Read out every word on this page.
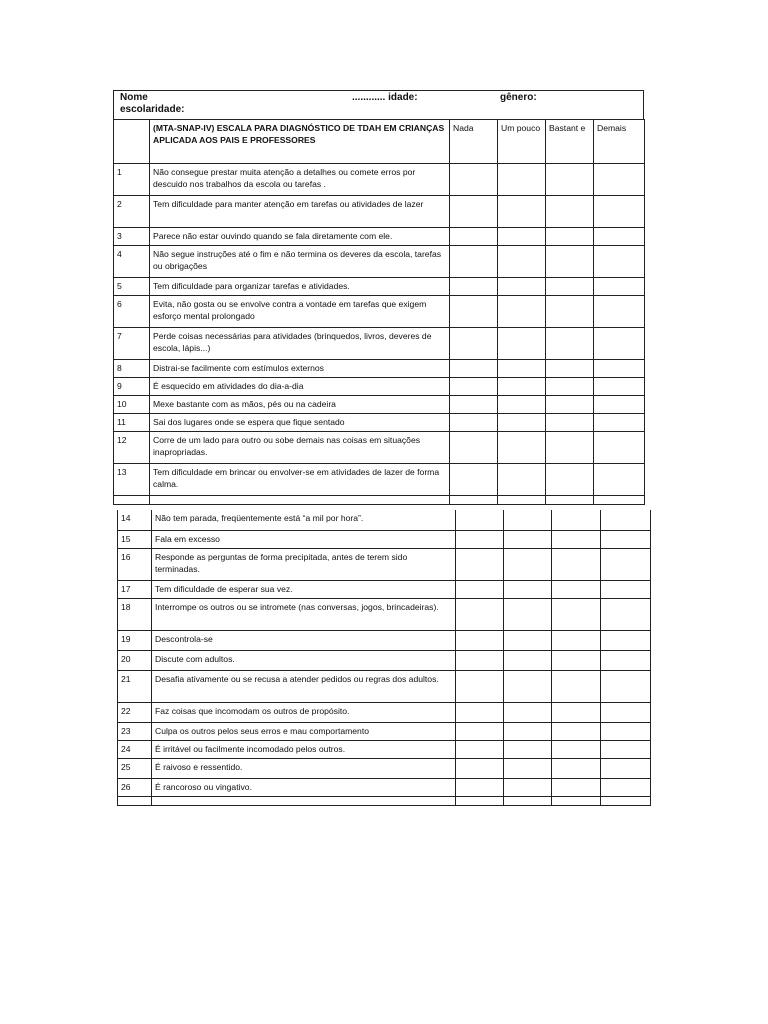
Nome	............ idade:	gênero:
escolaridade:
	(MTA-SNAP-IV) ESCALA PARA DIAGNÓSTICO DE TDAH EM CRIANÇAS APLICADA AOS PAIS E PROFESSORES	Nada	Um pouco	Bastant e	Demais
1	Não consegue prestar muita atenção a detalhes ou comete erros por descuido nos trabalhos da escola ou tarefas .				
2	Tem dificuldade para manter atenção em tarefas ou atividades de lazer				
3	Parece não estar ouvindo quando se fala diretamente com ele.				
4	Não segue instruções até o fim e não termina os deveres da escola, tarefas ou obrigações				
5	Tem dificuldade para organizar tarefas e atividades.				
6	Evita, não gosta ou se envolve contra a vontade em tarefas que exigem esforço mental prolongado				
7	Perde coisas necessárias para atividades (brinquedos, livros, deveres de escola, lápis...)				
8	Distrai-se facilmente com estímulos externos				
9	É esquecido em atividades do dia-a-dia				
10	Mexe bastante com as mãos, pés ou na cadeira				
11	Sai dos lugares onde se espera que fique sentado				
12	Corre de um lado para outro ou sobe demais nas coisas em situações inapropriadas.				
13	Tem dificuldade em brincar ou envolver-se em atividades de lazer de forma calma.				

14	Não tem parada, freqüentemente está “a mil por hora”.				
15	Fala em excesso				
16	Responde as perguntas de forma precipitada, antes de terem sido terminadas.				
17	Tem dificuldade de esperar sua vez.				
18	Interrompe os outros ou se intromete (nas conversas, jogos, brincadeiras).				
19	Descontrola-se				
20	Discute com adultos.				
21	Desafia ativamente ou se recusa a atender pedidos ou regras dos adultos.				
22	Faz coisas que incomodam os outros de propósito.				
23	Culpa os outros pelos seus erros e mau comportamento				
24	É irritável ou facilmente incomodado pelos outros.				
25	É raivoso e ressentido.				
26	É rancoroso ou vingativo.				
